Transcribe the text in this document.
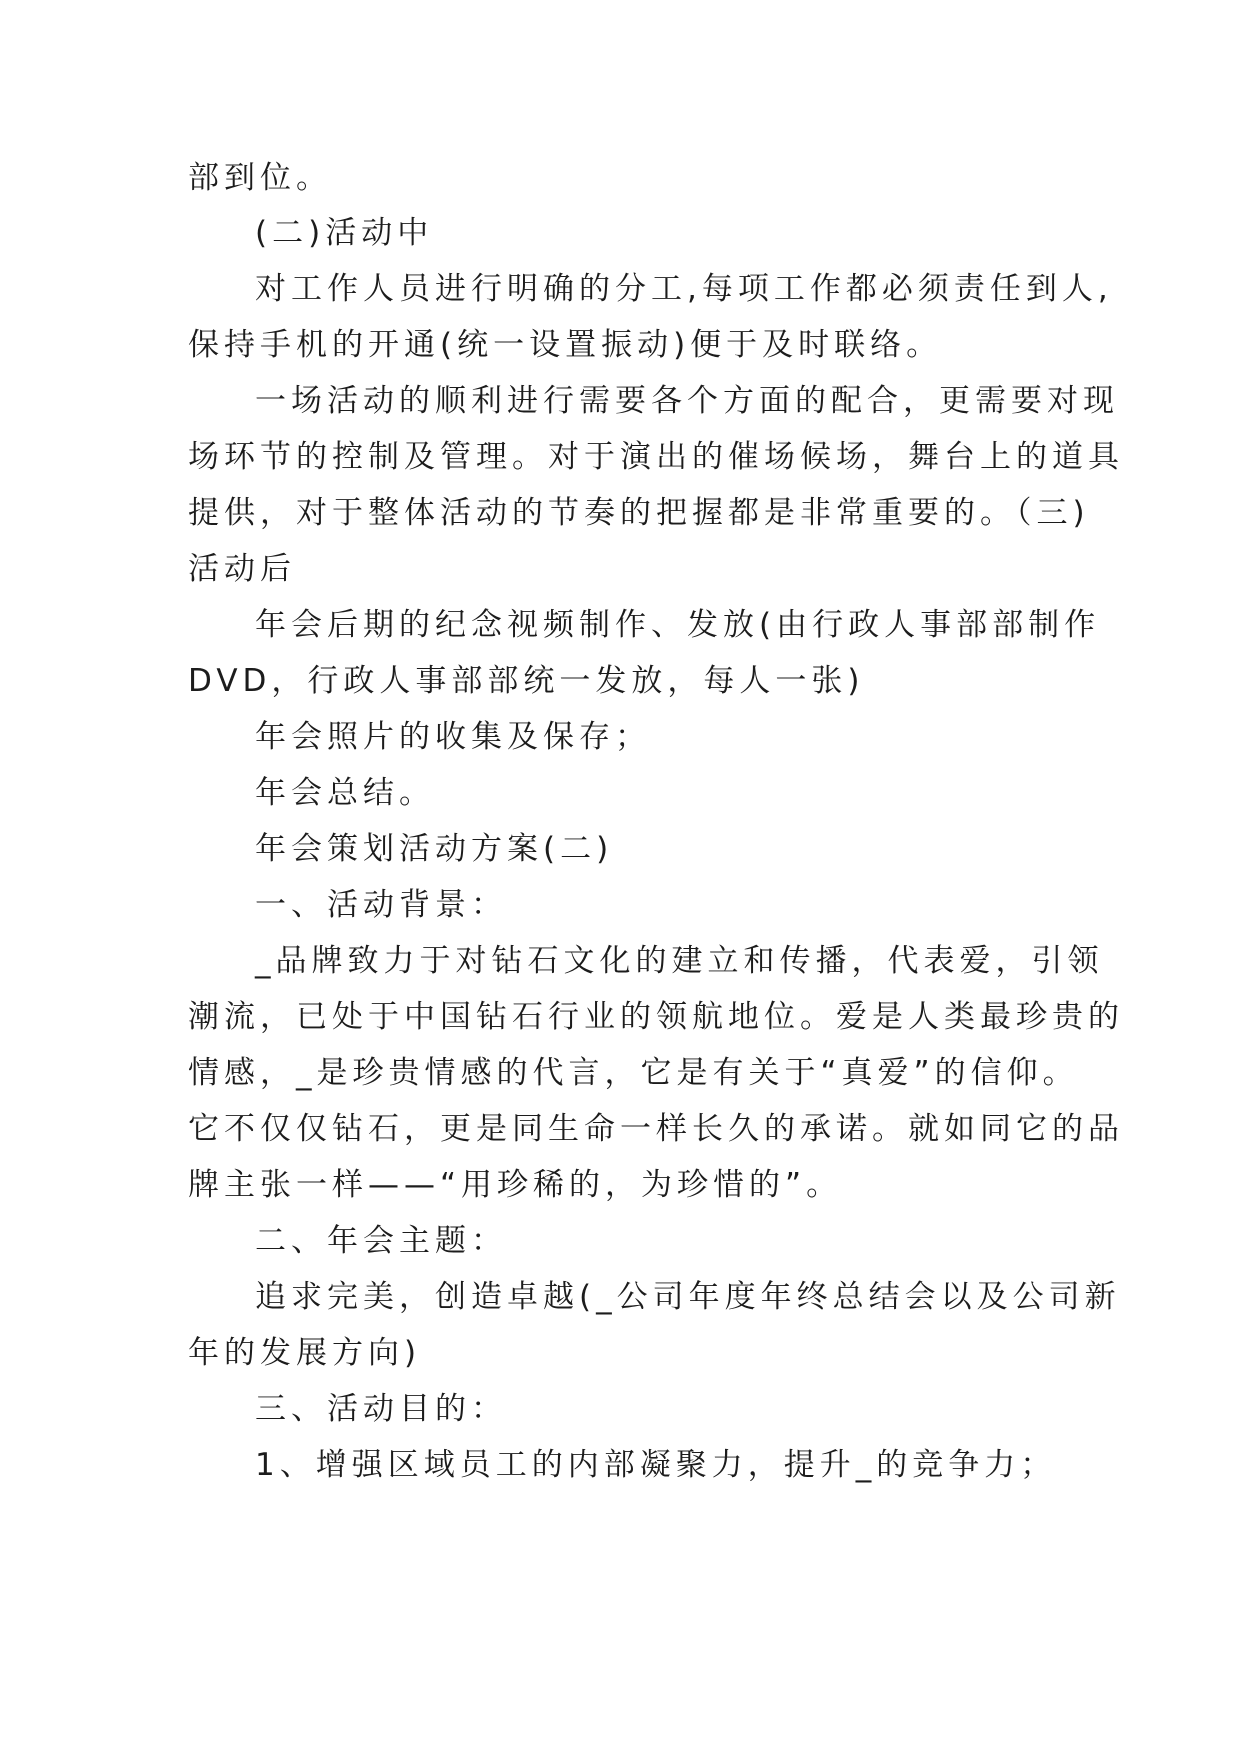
部到位。

(二)活动中

对工作人员进行明确的分工,每项工作都必须责任到人,

保持手机的开通(统一设置振动)便于及时联络。

一场活动的顺利进行需要各个方面的配合，更需要对现

场环节的控制及管理。对于演出的催场候场，舞台上的道具

提供，对于整体活动的节奏的把握都是非常重要的。（三)

活动后

年会后期的纪念视频制作、发放(由行政人事部部制作

DVD，行政人事部部统一发放，每人一张)

年会照片的收集及保存；

年会总结。

年会策划活动方案(二)

一、活动背景：

_品牌致力于对钻石文化的建立和传播，代表爱，引领

潮流，已处于中国钻石行业的领航地位。爱是人类最珍贵的

情感，_是珍贵情感的代言，它是有关于“真爱”的信仰。

它不仅仅钻石，更是同生命一样长久的承诺。就如同它的品

牌主张一样——“用珍稀的，为珍惜的”。

二、年会主题：

追求完美，创造卓越(_公司年度年终总结会以及公司新

年的发展方向)

三、活动目的：

1、增强区域员工的内部凝聚力，提升_的竞争力；
